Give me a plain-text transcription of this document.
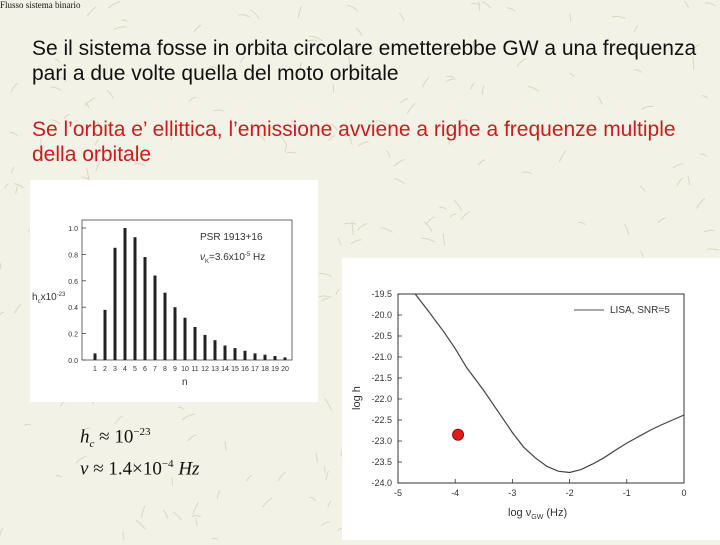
Flusso sistema binario

Se il sistema fosse in orbita circolare emetterebbe GW a una frequenza pari a due volte quella del moto orbitale

Se l’orbita e’ ellittica, l’emissione avviene a righe a frequenze multiple della orbitale

0.0
0.2
0.4
0.6
0.8
1.0
1 2 3 4 5 6 7 8 9 10 11 12 13 14 15 16 17 18 19 20
PSR 1913+16
$\nu_K=3.6x10^{-5}$ Hz
$h_cx10^{-23}$
n
$h_c \approx 10^{-23}$
$\nu \approx 1.4\times 10^{-4}$ Hz
-19.5
-20.0
-20.5
-21.0
-21.5
-22.0
-22.5
-23.0
-23.5
-24.0
-5	-4	-3	-2	-1	0
$\log \nu_{GW}$ (Hz)
log h
LISA, SNR=5
